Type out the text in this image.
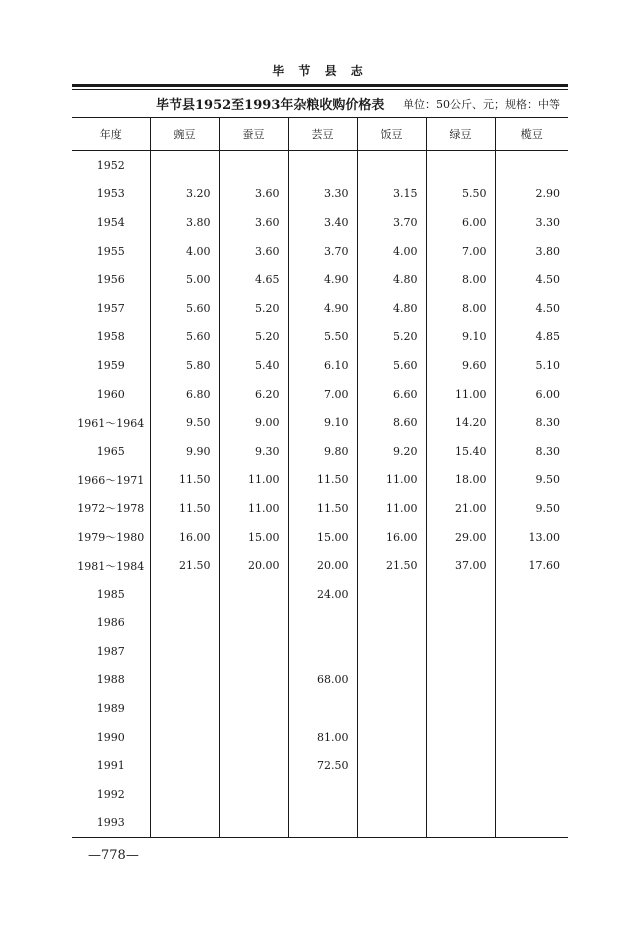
毕 节 县 志
毕节县1952至1993年杂粮收购价格表 单位：50公斤、元；规格：中等
年度	豌豆	蚕豆	芸豆	饭豆	绿豆	榄豆
1952						
1953	3.20	3.60	3.30	3.15	5.50	2.90
1954	3.80	3.60	3.40	3.70	6.00	3.30
1955	4.00	3.60	3.70	4.00	7.00	3.80
1956	5.00	4.65	4.90	4.80	8.00	4.50
1957	5.60	5.20	4.90	4.80	8.00	4.50
1958	5.60	5.20	5.50	5.20	9.10	4.85
1959	5.80	5.40	6.10	5.60	9.60	5.10
1960	6.80	6.20	7.00	6.60	11.00	6.00
1961～1964	9.50	9.00	9.10	8.60	14.20	8.30
1965	9.90	9.30	9.80	9.20	15.40	8.30
1966～1971	11.50	11.00	11.50	11.00	18.00	9.50
1972～1978	11.50	11.00	11.50	11.00	21.00	9.50
1979～1980	16.00	15.00	15.00	16.00	29.00	13.00
1981～1984	21.50	20.00	20.00	21.50	37.00	17.60
1985			24.00			
1986						
1987						
1988			68.00			
1989						
1990			81.00			
1991			72.50			
1992						
1993						
—778—
